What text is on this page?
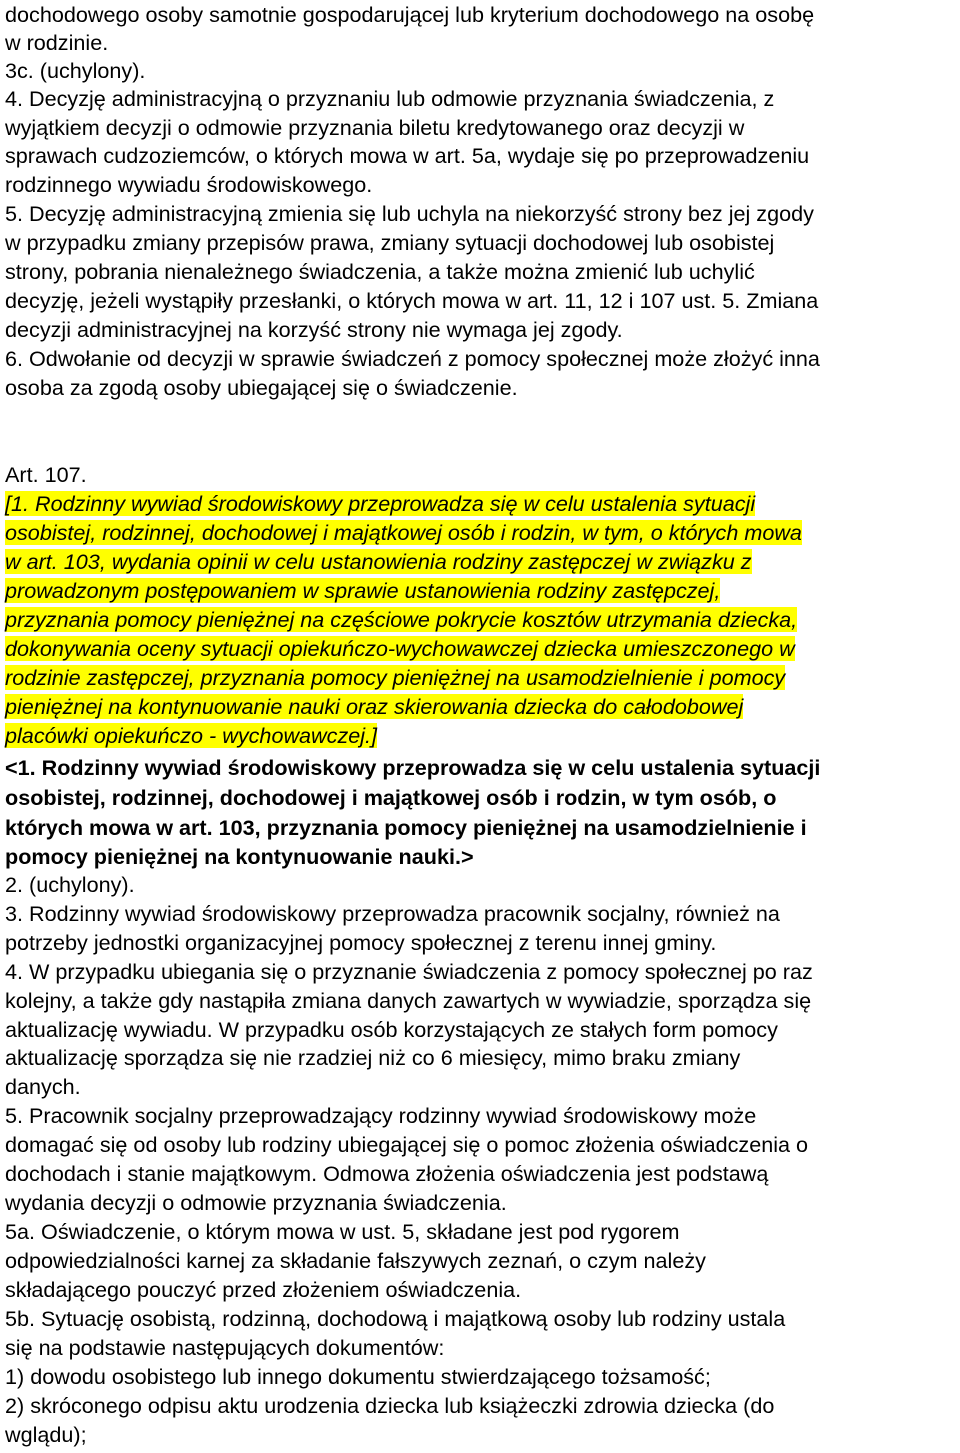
dochodowego osoby samotnie gospodarującej lub kryterium dochodowego na osobę
w rodzinie.
3c. (uchylony).
4. Decyzję administracyjną o przyznaniu lub odmowie przyznania świadczenia, z
wyjątkiem decyzji o odmowie przyznania biletu kredytowanego oraz decyzji w
sprawach cudzoziemców, o których mowa w art. 5a, wydaje się po przeprowadzeniu
rodzinnego wywiadu środowiskowego.
5. Decyzję administracyjną zmienia się lub uchyla na niekorzyść strony bez jej zgody
w przypadku zmiany przepisów prawa, zmiany sytuacji dochodowej lub osobistej
strony, pobrania nienależnego świadczenia, a także można zmienić lub uchylić
decyzję, jeżeli wystąpiły przesłanki, o których mowa w art. 11, 12 i 107 ust. 5. Zmiana
decyzji administracyjnej na korzyść strony nie wymaga jej zgody.
6. Odwołanie od decyzji w sprawie świadczeń z pomocy społecznej może złożyć inna
osoba za zgodą osoby ubiegającej się o świadczenie.
Art. 107.
[1. Rodzinny wywiad środowiskowy przeprowadza się w celu ustalenia sytuacji
osobistej, rodzinnej, dochodowej i majątkowej osób i rodzin, w tym, o których mowa
w art. 103, wydania opinii w celu ustanowienia rodziny zastępczej w związku z
prowadzonym postępowaniem w sprawie ustanowienia rodziny zastępczej,
przyznania pomocy pieniężnej na częściowe pokrycie kosztów utrzymania dziecka,
dokonywania oceny sytuacji opiekuńczo-wychowawczej dziecka umieszczonego w
rodzinie zastępczej, przyznania pomocy pieniężnej na usamodzielnienie i pomocy
pieniężnej na kontynuowanie nauki oraz skierowania dziecka do całodobowej
placówki opiekuńczo - wychowawczej.]
<1. Rodzinny wywiad środowiskowy przeprowadza się w celu ustalenia sytuacji
osobistej, rodzinnej, dochodowej i majątkowej osób i rodzin, w tym osób, o
których mowa w art. 103, przyznania pomocy pieniężnej na usamodzielnienie i
pomocy pieniężnej na kontynuowanie nauki.>
2. (uchylony).
3. Rodzinny wywiad środowiskowy przeprowadza pracownik socjalny, również na
potrzeby jednostki organizacyjnej pomocy społecznej z terenu innej gminy.
4. W przypadku ubiegania się o przyznanie świadczenia z pomocy społecznej po raz
kolejny, a także gdy nastąpiła zmiana danych zawartych w wywiadzie, sporządza się
aktualizację wywiadu. W przypadku osób korzystających ze stałych form pomocy
aktualizację sporządza się nie rzadziej niż co 6 miesięcy, mimo braku zmiany
danych.
5. Pracownik socjalny przeprowadzający rodzinny wywiad środowiskowy może
domagać się od osoby lub rodziny ubiegającej się o pomoc złożenia oświadczenia o
dochodach i stanie majątkowym. Odmowa złożenia oświadczenia jest podstawą
wydania decyzji o odmowie przyznania świadczenia.
5a. Oświadczenie, o którym mowa w ust. 5, składane jest pod rygorem
odpowiedzialności karnej za składanie fałszywych zeznań, o czym należy
składającego pouczyć przed złożeniem oświadczenia.
5b. Sytuację osobistą, rodzinną, dochodową i majątkową osoby lub rodziny ustala
się na podstawie następujących dokumentów:
1) dowodu osobistego lub innego dokumentu stwierdzającego tożsamość;
2) skróconego odpisu aktu urodzenia dziecka lub książeczki zdrowia dziecka (do
wglądu);
